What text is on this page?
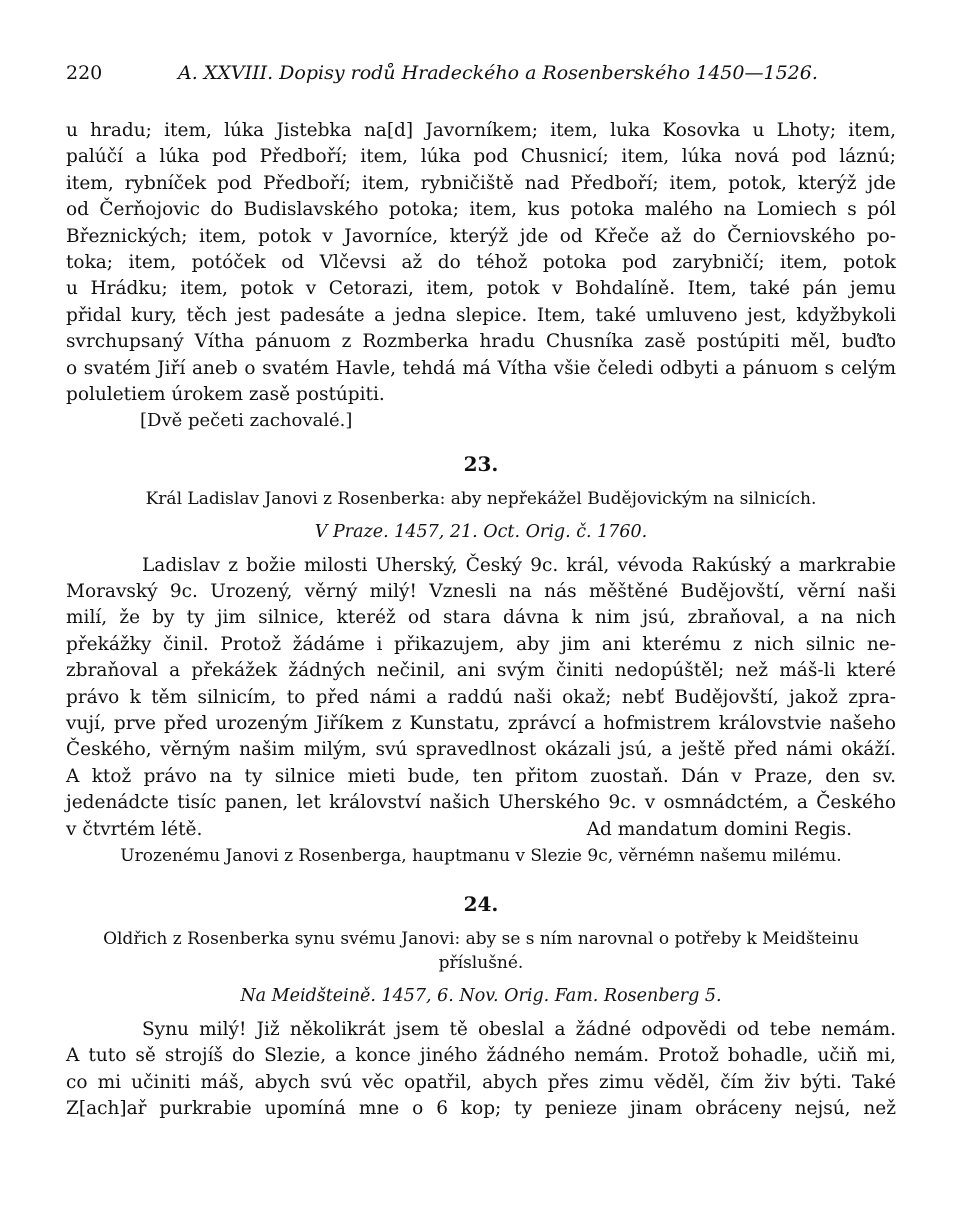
220	A. XXVIII. Dopisy rodů Hradeckého a Rosenberského 1450—1526.
u hradu; item, lúka Jistebka na[d] Javorníkem; item, luka Kosovka u Lhoty; item,
palúčí a lúka pod Předboří; item, lúka pod Chusnicí; item, lúka nová pod láznú;
item, rybníček pod Předboří; item, rybničiště nad Předboří; item, potok, kterýž jde
od Čerňojovic do Budislavského potoka; item, kus potoka malého na Lomiech s pól
Březnických; item, potok v Javorníce, kterýž jde od Křeče až do Černiovského po-
toka; item, potóček od Vlčevsi až do téhož potoka pod zarybničí; item, potok
u Hrádku; item, potok v Cetorazi, item, potok v Bohdalíně. Item, také pán jemu
přidal kury, těch jest padesáte a jedna slepice. Item, také umluveno jest, kdyžbykoli
svrchupsaný Vítha pánuom z Rozmberka hradu Chusníka zasě postúpiti měl, buďto
o svatém Jiří aneb o svatém Havle, tehdá má Vítha všie čeledi odbyti a pánuom s celým
poluletiem úrokem zasě postúpiti.
[Dvě pečeti zachovalé.]
23.
Král Ladislav Janovi z Rosenberka: aby nepřekážel Budějovickým na silnicích.
V Praze. 1457, 21. Oct. Orig. č. 1760.
Ladislav z božie milosti Uherský, Český 9c. král, vévoda Rakúský a markrabie
Moravský 9c. Urozený, věrný milý! Vznesli na nás měštěné Budějovští, věrní naši
milí, že by ty jim silnice, kteréž od stara dávna k nim jsú, zbraňoval, a na nich
překážky činil. Protož žádáme i přikazujem, aby jim ani kterému z nich silnic ne-
zbraňoval a překážek žádných nečinil, ani svým činiti nedopúštěl; než máš-li které
právo k těm silnicím, to před námi a raddú naši okaž; nebť Budějovští, jakož zpra-
vují, prve před urozeným Jiříkem z Kunstatu, zprávcí a hofmistrem královstvie našeho
Českého, věrným našim milým, svú spravedlnost okázali jsú, a ještě před námi okáží.
A ktož právo na ty silnice mieti bude, ten přitom zuostaň. Dán v Praze, den sv.
jedenádcte tisíc panen, let království našich Uherského 9c. v osmnádctém, a Českého
v čtvrtém létě.	Ad mandatum domini Regis.
Urozenému Janovi z Rosenberga, hauptmanu v Slezie 9c, věrnémn našemu milému.
24.
Oldřich z Rosenberka synu svému Janovi: aby se s ním narovnal o potřeby k Meidšteinu
příslušné.
Na Meidšteině. 1457, 6. Nov. Orig. Fam. Rosenberg 5.
Synu milý! Již několikrát jsem tě obeslal a žádné odpovědi od tebe nemám.
A tuto sě strojíš do Slezie, a konce jiného žádného nemám. Protož bohadle, učiň mi,
co mi učiniti máš, abych svú věc opatřil, abych přes zimu věděl, čím živ býti. Také
Z[ach]ař purkrabie upomíná mne o 6 kop; ty penieze jinam obráceny nejsú, než
